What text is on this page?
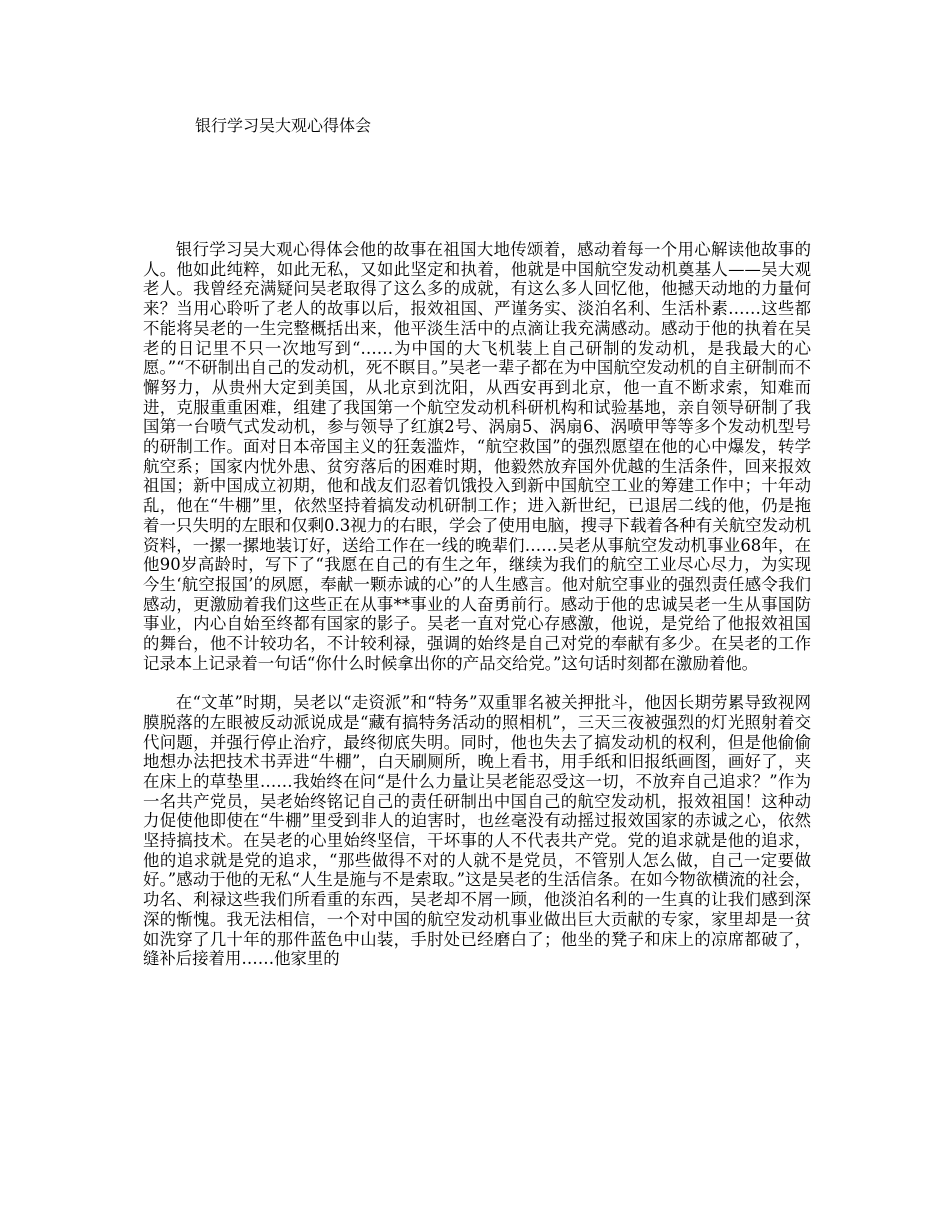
银行学习吴大观心得体会

银行学习吴大观心得体会他的故事在祖国大地传颂着，感动着每一个用心解读他故事的人。他如此纯粹，如此无私，又如此坚定和执着，他就是中国航空发动机奠基人——吴大观老人。我曾经充满疑问吴老取得了这么多的成就，有这么多人回忆他，他撼天动地的力量何来？当用心聆听了老人的故事以后，报效祖国、严谨务实、淡泊名利、生活朴素……这些都不能将吴老的一生完整概括出来，他平淡生活中的点滴让我充满感动。感动于他的执着在吴老的日记里不只一次地写到“……为中国的大飞机装上自己研制的发动机，是我最大的心愿。”“不研制出自己的发动机，死不瞑目。”吴老一辈子都在为中国航空发动机的自主研制而不懈努力，从贵州大定到美国，从北京到沈阳，从西安再到北京，他一直不断求索，知难而进，克服重重困难，组建了我国第一个航空发动机科研机构和试验基地，亲自领导研制了我国第一台喷气式发动机，参与领导了红旗2号、涡扇5、涡扇6、涡喷甲等等多个发动机型号的研制工作。面对日本帝国主义的狂轰滥炸，“航空救国”的强烈愿望在他的心中爆发，转学航空系；国家内忧外患、贫穷落后的困难时期，他毅然放弃国外优越的生活条件，回来报效祖国；新中国成立初期，他和战友们忍着饥饿投入到新中国航空工业的筹建工作中；十年动乱，他在“牛棚”里，依然坚持着搞发动机研制工作；进入新世纪，已退居二线的他，仍是拖着一只失明的左眼和仅剩0.3视力的右眼，学会了使用电脑，搜寻下载着各种有关航空发动机资料，一摞一摞地装订好，送给工作在一线的晚辈们……吴老从事航空发动机事业68年，在他90岁高龄时，写下了“我愿在自己的有生之年，继续为我们的航空工业尽心尽力，为实现今生‘航空报国’的夙愿，奉献一颗赤诚的心”的人生感言。他对航空事业的强烈责任感令我们感动，更激励着我们这些正在从事**事业的人奋勇前行。感动于他的忠诚吴老一生从事国防事业，内心自始至终都有国家的影子。吴老一直对党心存感激，他说，是党给了他报效祖国的舞台，他不计较功名，不计较利禄，强调的始终是自己对党的奉献有多少。在吴老的工作记录本上记录着一句话“你什么时候拿出你的产品交给党。”这句话时刻都在激励着他。

在“文革”时期，吴老以“走资派”和“特务”双重罪名被关押批斗，他因长期劳累导致视网膜脱落的左眼被反动派说成是“藏有搞特务活动的照相机”，三天三夜被强烈的灯光照射着交代问题，并强行停止治疗，最终彻底失明。同时，他也失去了搞发动机的权利，但是他偷偷地想办法把技术书弄进“牛棚”，白天刷厕所，晚上看书，用手纸和旧报纸画图，画好了，夹在床上的草垫里……我始终在问“是什么力量让吴老能忍受这一切，不放弃自己追求？”作为一名共产党员，吴老始终铭记自己的责任研制出中国自己的航空发动机，报效祖国！这种动力促使他即使在“牛棚”里受到非人的迫害时，也丝毫没有动摇过报效国家的赤诚之心，依然坚持搞技术。在吴老的心里始终坚信，干坏事的人不代表共产党。党的追求就是他的追求，他的追求就是党的追求，“那些做得不对的人就不是党员，不管别人怎么做，自己一定要做好。”感动于他的无私“人生是施与不是索取。”这是吴老的生活信条。在如今物欲横流的社会，功名、利禄这些我们所看重的东西，吴老却不屑一顾，他淡泊名利的一生真的让我们感到深深的惭愧。我无法相信，一个对中国的航空发动机事业做出巨大贡献的专家，家里却是一贫如洗穿了几十年的那件蓝色中山装，手肘处已经磨白了；他坐的凳子和床上的凉席都破了，缝补后接着用……他家里的
